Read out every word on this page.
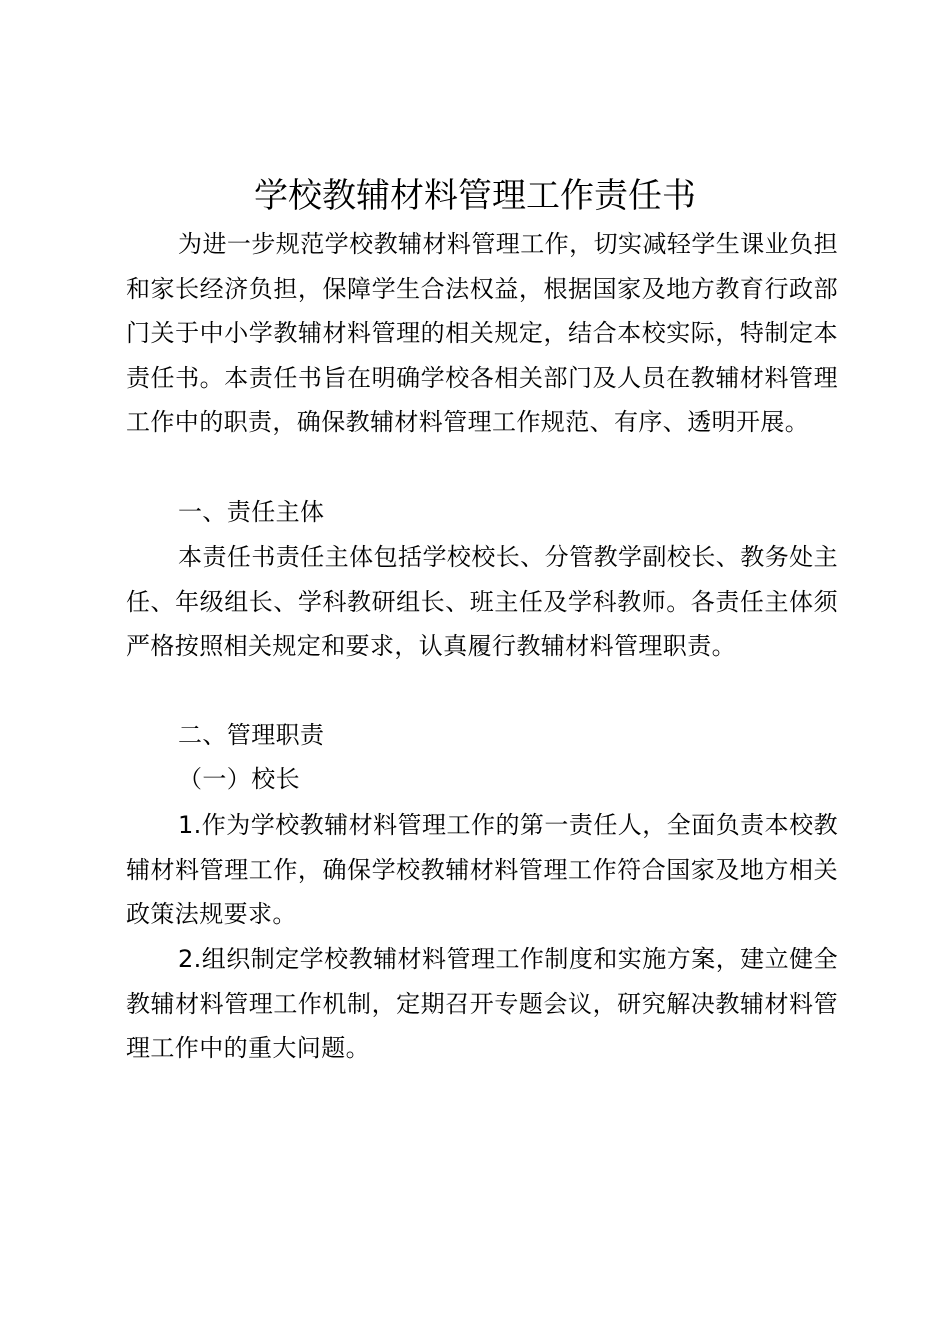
学校教辅材料管理工作责任书

为进一步规范学校教辅材料管理工作，切实减轻学生课业负担和家长经济负担，保障学生合法权益，根据国家及地方教育行政部门关于中小学教辅材料管理的相关规定，结合本校实际，特制定本责任书。本责任书旨在明确学校各相关部门及人员在教辅材料管理工作中的职责，确保教辅材料管理工作规范、有序、透明开展。

一、责任主体

本责任书责任主体包括学校校长、分管教学副校长、教务处主任、年级组长、学科教研组长、班主任及学科教师。各责任主体须严格按照相关规定和要求，认真履行教辅材料管理职责。

二、管理职责

（一）校长

1.作为学校教辅材料管理工作的第一责任人，全面负责本校教辅材料管理工作，确保学校教辅材料管理工作符合国家及地方相关政策法规要求。

2.组织制定学校教辅材料管理工作制度和实施方案，建立健全教辅材料管理工作机制，定期召开专题会议，研究解决教辅材料管理工作中的重大问题。
